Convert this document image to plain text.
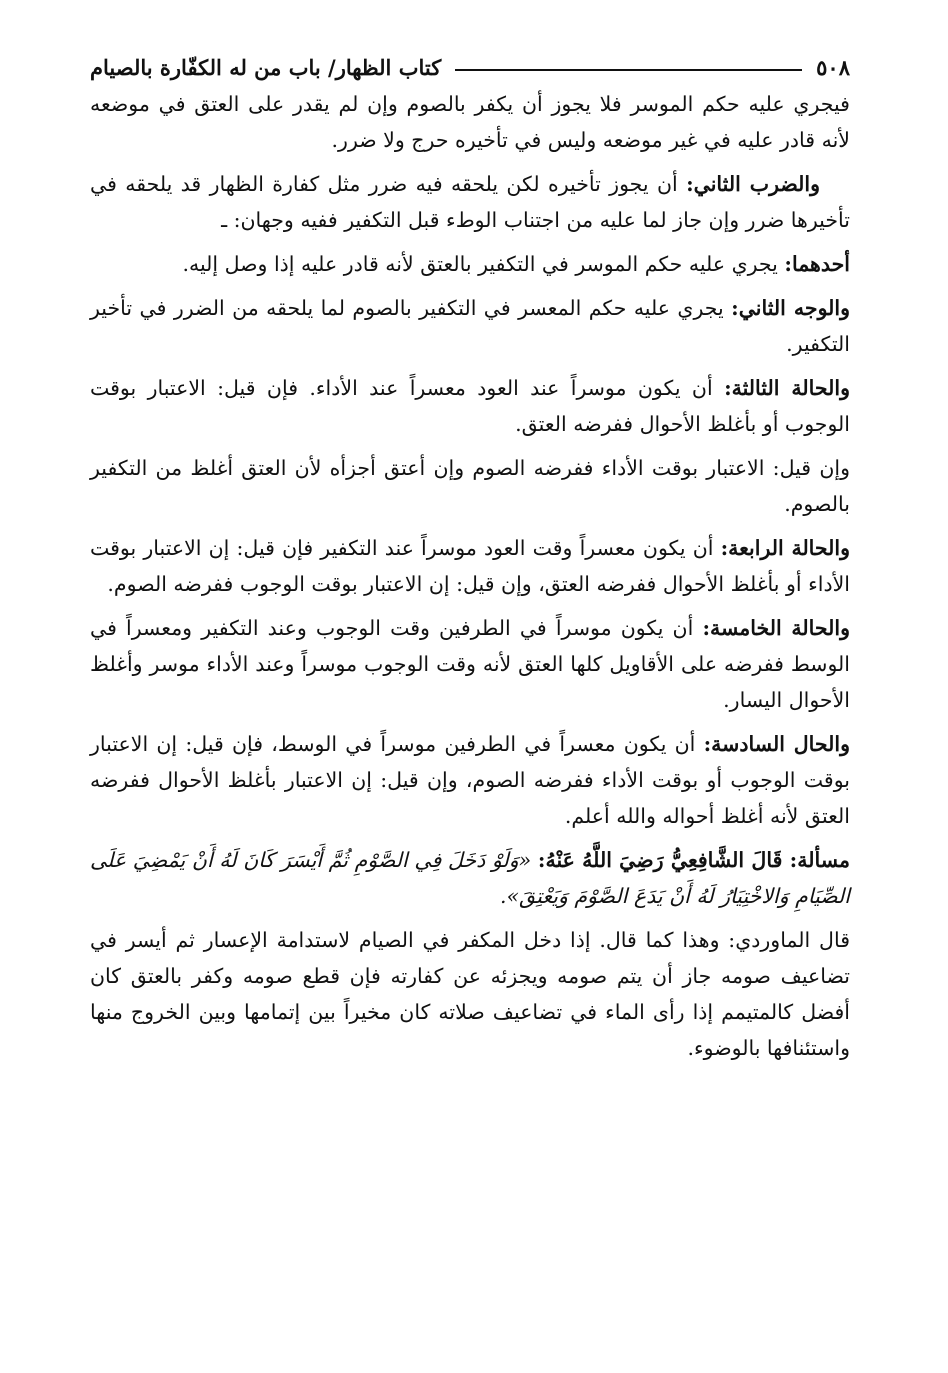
٥٠٨
كتاب الظهار/ باب من له الكفّارة بالصيام

فيجري عليه حكم الموسر فلا يجوز أن يكفر بالصوم وإن لم يقدر على العتق في موضعه لأنه قادر عليه في غير موضعه وليس في تأخيره حرج ولا ضرر.

والضرب الثاني: أن يجوز تأخيره لكن يلحقه فيه ضرر مثل كفارة الظهار قد يلحقه في تأخيرها ضرر وإن جاز لما عليه من اجتناب الوطء قبل التكفير ففيه وجهان: ـ

أحدهما: يجري عليه حكم الموسر في التكفير بالعتق لأنه قادر عليه إذا وصل إليه.

والوجه الثاني: يجري عليه حكم المعسر في التكفير بالصوم لما يلحقه من الضرر في تأخير التكفير.

والحالة الثالثة: أن يكون موسراً عند العود معسراً عند الأداء. فإن قيل: الاعتبار بوقت الوجوب أو بأغلظ الأحوال ففرضه العتق.

وإن قيل: الاعتبار بوقت الأداء ففرضه الصوم وإن أعتق أجزأه لأن العتق أغلظ من التكفير بالصوم.

والحالة الرابعة: أن يكون معسراً وقت العود موسراً عند التكفير فإن قيل: إن الاعتبار بوقت الأداء أو بأغلظ الأحوال ففرضه العتق، وإن قيل: إن الاعتبار بوقت الوجوب ففرضه الصوم.

والحالة الخامسة: أن يكون موسراً في الطرفين وقت الوجوب وعند التكفير ومعسراً في الوسط ففرضه على الأقاويل كلها العتق لأنه وقت الوجوب موسراً وعند الأداء موسر وأغلظ الأحوال اليسار.

والحال السادسة: أن يكون معسراً في الطرفين موسراً في الوسط، فإن قيل: إن الاعتبار بوقت الوجوب أو بوقت الأداء ففرضه الصوم، وإن قيل: إن الاعتبار بأغلظ الأحوال ففرضه العتق لأنه أغلظ أحواله والله أعلم.

مسألة: قَالَ الشَّافِعِيُّ رَضِيَ اللَّهُ عَنْهُ: «وَلَوْ دَخَلَ فِي الصَّوْمِ ثُمَّ أَيْسَرَ كَانَ لَهُ أَنْ يَمْضِيَ عَلَى الصِّيَامِ وَالاخْتِيَارُ لَهُ أَنْ يَدَعَ الصَّوْمَ وَيَعْتِقَ».

قال الماوردي: وهذا كما قال. إذا دخل المكفر في الصيام لاستدامة الإعسار ثم أيسر في تضاعيف صومه جاز أن يتم صومه ويجزئه عن كفارته فإن قطع صومه وكفر بالعتق كان أفضل كالمتيمم إذا رأى الماء في تضاعيف صلاته كان مخيراً بين إتمامها وبين الخروج منها واستئنافها بالوضوء.
